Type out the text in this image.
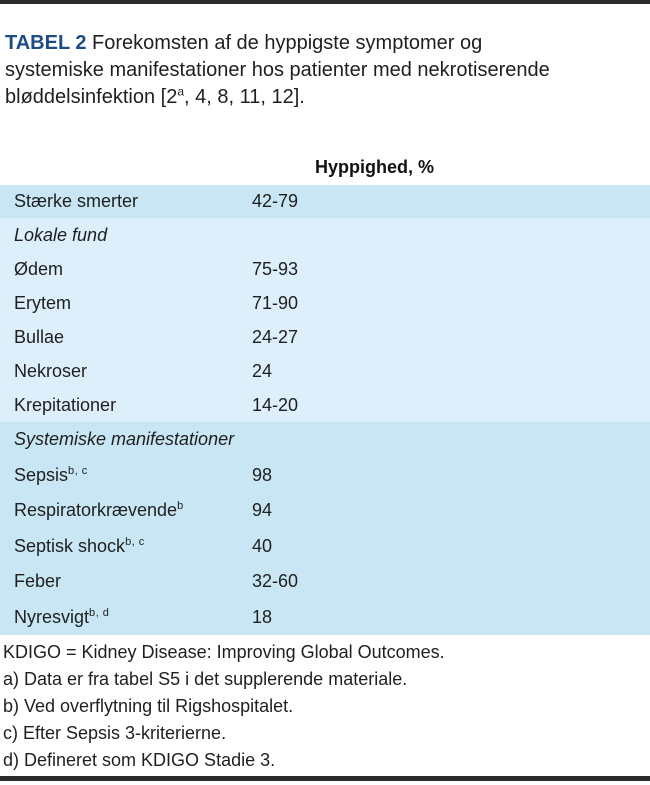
TABEL 2 Forekomsten af de hyppigste symptomer og
systemiske manifestationer hos patienter med nekrotiserende
bløddelsinfektion [2$^a$, 4, 8, 11, 12].
Hyppighed, %
Stærke smerter	42-79
Lokale fund
Ødem	75-93
Erytem	71-90
Bullae	24-27
Nekroser	24
Krepitationer	14-20
Systemiske manifestationer
Sepsis$^{b, c}$	98
Respiratorkrævende$^b$	94
Septisk shock$^{b, c}$	40
Feber	32-60
Nyresvigt$^{b, d}$	18
KDIGO = Kidney Disease: Improving Global Outcomes.
a) Data er fra tabel S5 i det supplerende materiale.
b) Ved overflytning til Rigshospitalet.
c) Efter Sepsis 3-kriterierne.
d) Defineret som KDIGO Stadie 3.
